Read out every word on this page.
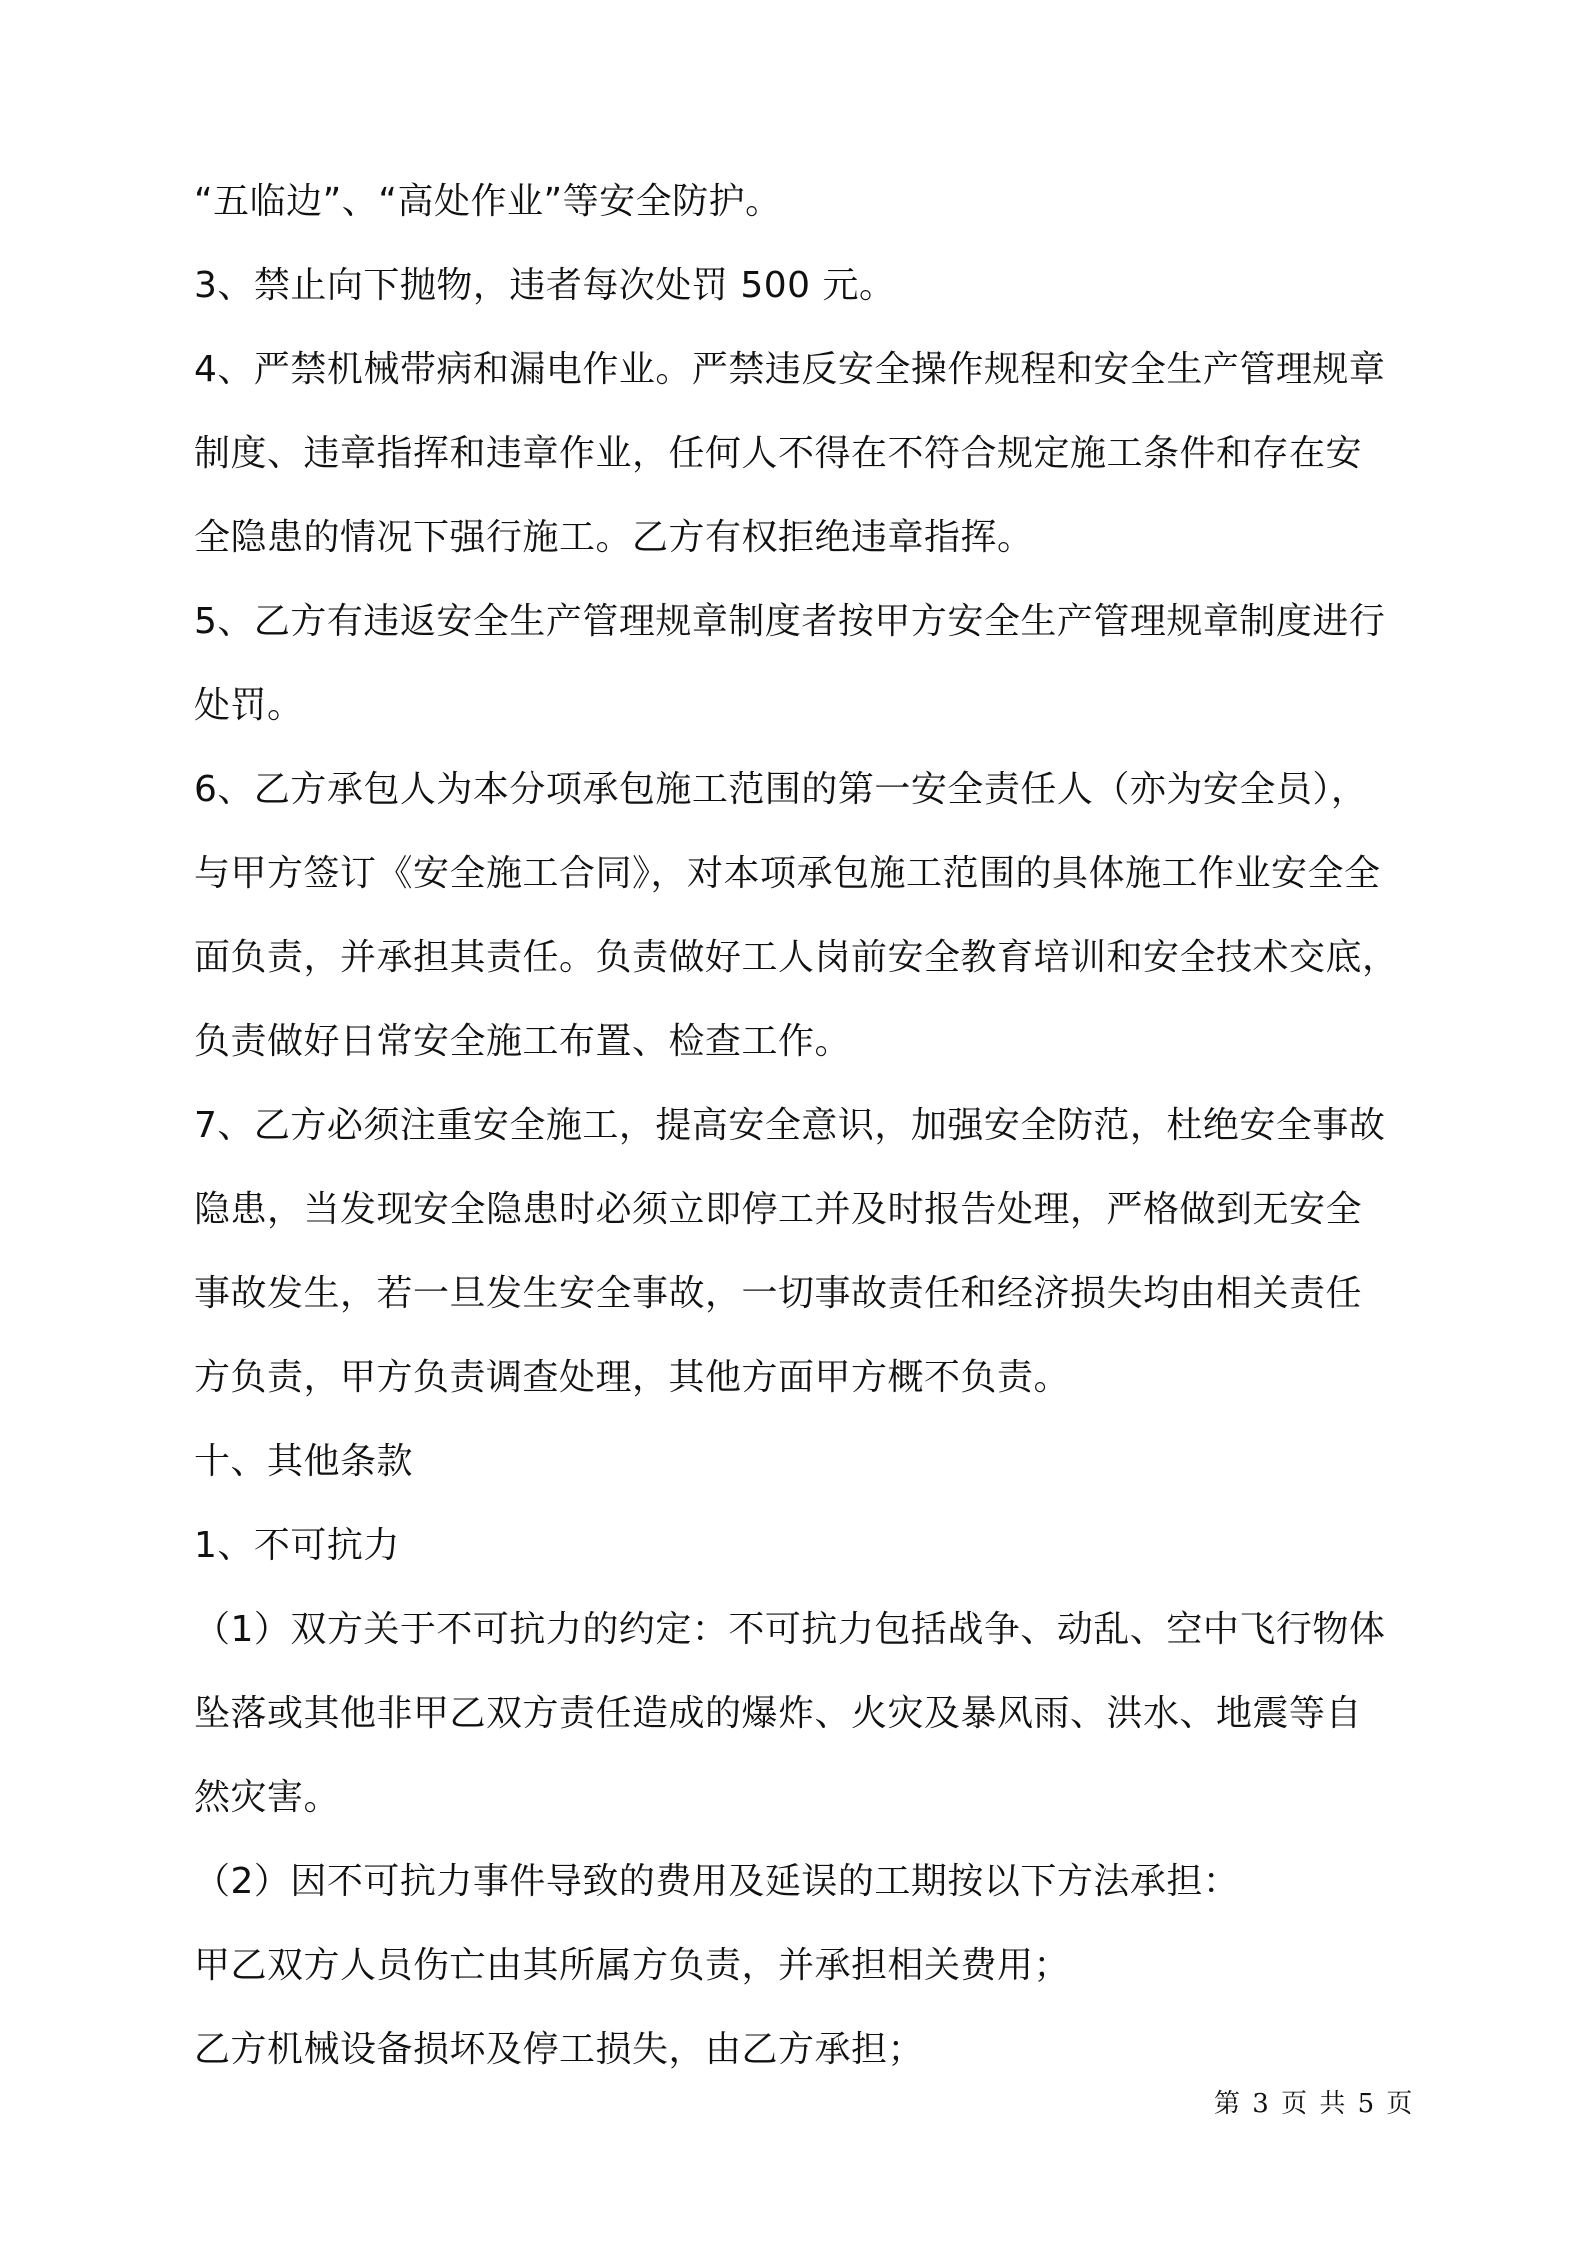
“五临边”、“高处作业”等安全防护。
3、禁止向下抛物，违者每次处罚 500 元。
4、严禁机械带病和漏电作业。严禁违反安全操作规程和安全生产管理规章
制度、违章指挥和违章作业，任何人不得在不符合规定施工条件和存在安
全隐患的情况下强行施工。乙方有权拒绝违章指挥。
5、乙方有违返安全生产管理规章制度者按甲方安全生产管理规章制度进行
处罚。
6、乙方承包人为本分项承包施工范围的第一安全责任人（亦为安全员），
与甲方签订《安全施工合同》，对本项承包施工范围的具体施工作业安全全
面负责，并承担其责任。负责做好工人岗前安全教育培训和安全技术交底，
负责做好日常安全施工布置、检查工作。
7、乙方必须注重安全施工，提高安全意识，加强安全防范，杜绝安全事故
隐患，当发现安全隐患时必须立即停工并及时报告处理，严格做到无安全
事故发生，若一旦发生安全事故，一切事故责任和经济损失均由相关责任
方负责，甲方负责调查处理，其他方面甲方概不负责。
十、其他条款
1、不可抗力
（1）双方关于不可抗力的约定：不可抗力包括战争、动乱、空中飞行物体
坠落或其他非甲乙双方责任造成的爆炸、火灾及暴风雨、洪水、地震等自
然灾害。
（2）因不可抗力事件导致的费用及延误的工期按以下方法承担：
甲乙双方人员伤亡由其所属方负责，并承担相关费用；
乙方机械设备损坏及停工损失，由乙方承担；
第 3 页 共 5 页
